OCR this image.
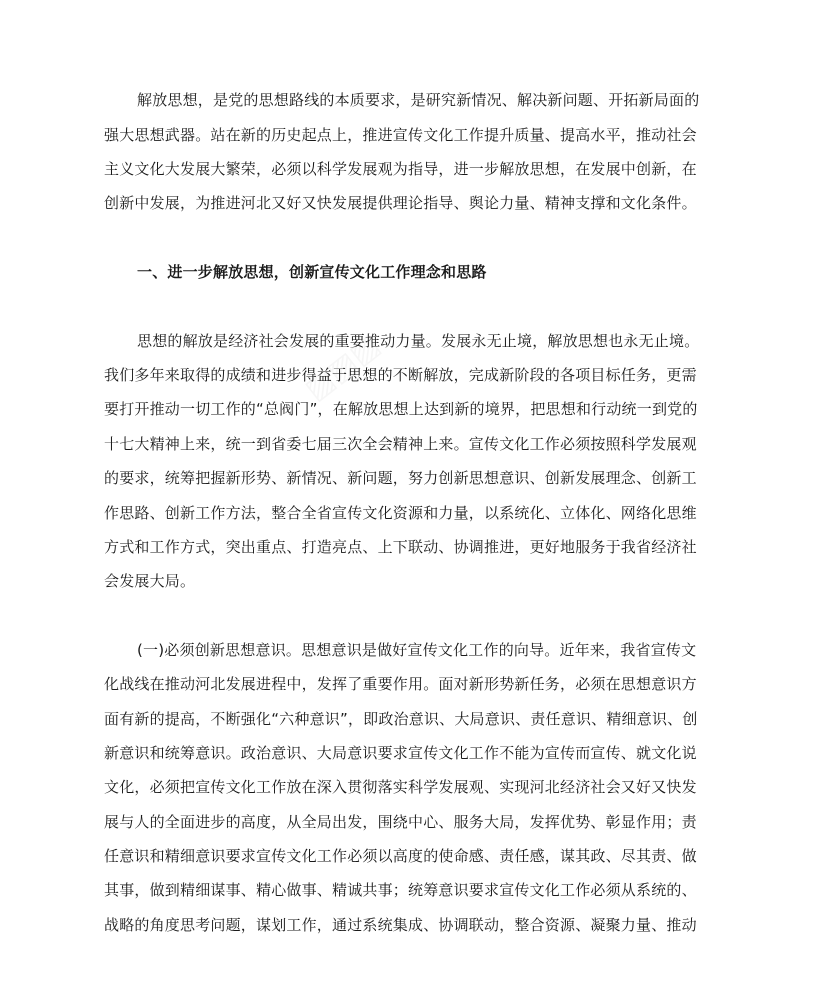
解放思想，是党的思想路线的本质要求，是研究新情况、解决新问题、开拓新局面的
强大思想武器。站在新的历史起点上，推进宣传文化工作提升质量、提高水平，推动社会
主义文化大发展大繁荣，必须以科学发展观为指导，进一步解放思想，在发展中创新，在
创新中发展，为推进河北又好又快发展提供理论指导、舆论力量、精神支撑和文化条件。
一、进一步解放思想，创新宣传文化工作理念和思路
思想的解放是经济社会发展的重要推动力量。发展永无止境，解放思想也永无止境。
我们多年来取得的成绩和进步得益于思想的不断解放，完成新阶段的各项目标任务，更需
要打开推动一切工作的“总阀门”，在解放思想上达到新的境界，把思想和行动统一到党的
十七大精神上来，统一到省委七届三次全会精神上来。宣传文化工作必须按照科学发展观
的要求，统筹把握新形势、新情况、新问题，努力创新思想意识、创新发展理念、创新工
作思路、创新工作方法，整合全省宣传文化资源和力量，以系统化、立体化、网络化思维
方式和工作方式，突出重点、打造亮点、上下联动、协调推进，更好地服务于我省经济社
会发展大局。
(一)必须创新思想意识。思想意识是做好宣传文化工作的向导。近年来，我省宣传文
化战线在推动河北发展进程中，发挥了重要作用。面对新形势新任务，必须在思想意识方
面有新的提高，不断强化“六种意识”，即政治意识、大局意识、责任意识、精细意识、创
新意识和统筹意识。政治意识、大局意识要求宣传文化工作不能为宣传而宣传、就文化说
文化，必须把宣传文化工作放在深入贯彻落实科学发展观、实现河北经济社会又好又快发
展与人的全面进步的高度，从全局出发，围绕中心、服务大局，发挥优势、彰显作用；责
任意识和精细意识要求宣传文化工作必须以高度的使命感、责任感，谋其政、尽其责、做
其事，做到精细谋事、精心做事、精诚共事；统筹意识要求宣传文化工作必须从系统的、
战略的角度思考问题，谋划工作，通过系统集成、协调联动，整合资源、凝聚力量、推动
